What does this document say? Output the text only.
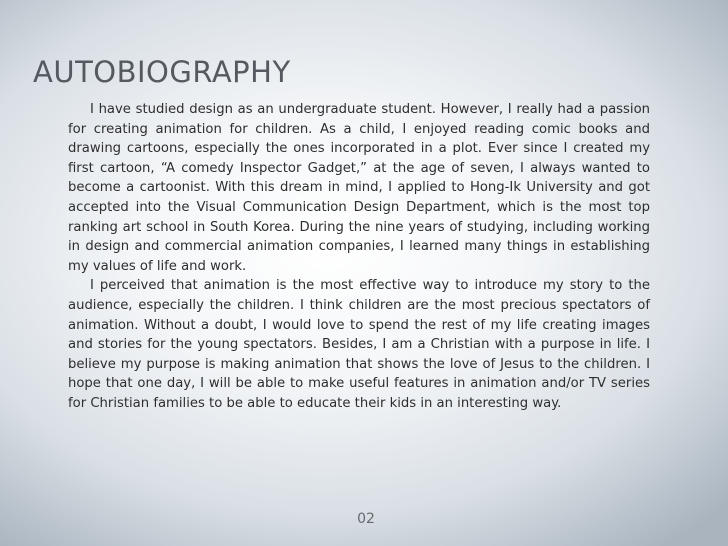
AUTOBIOGRAPHY

I have studied design as an undergraduate student. However, I really had a passion for creating animation for children. As a child, I enjoyed reading comic books and drawing cartoons, especially the ones incorporated in a plot. Ever since I created my first cartoon, “A comedy Inspector Gadget,” at the age of seven, I always wanted to become a cartoonist. With this dream in mind, I applied to Hong-Ik University and got accepted into the Visual Communication Design Department, which is the most top ranking art school in South Korea. During the nine years of studying, including working in design and commercial animation companies, I learned many things in establishing my values of life and work.

I perceived that animation is the most effective way to introduce my story to the audience, especially the children. I think children are the most precious spectators of animation. Without a doubt, I would love to spend the rest of my life creating images and stories for the young spectators. Besides, I am a Christian with a purpose in life. I believe my purpose is making animation that shows the love of Jesus to the children. I hope that one day, I will be able to make useful features in animation and/or TV series for Christian families to be able to educate their kids in an interesting way.

02
